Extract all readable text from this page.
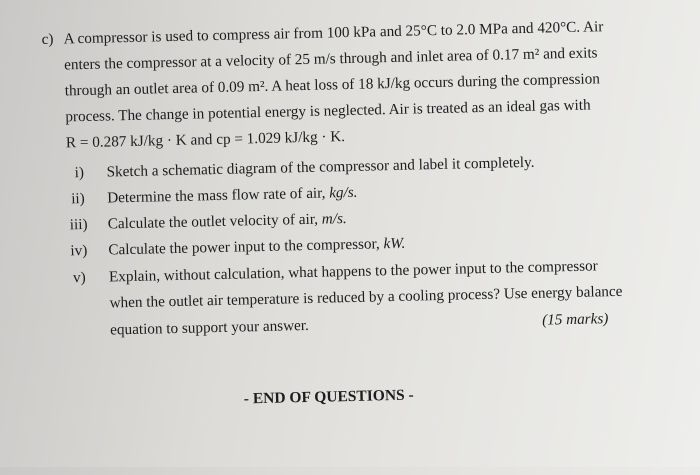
c) A compressor is used to compress air from 100 kPa and 25°C to 2.0 MPa and 420°C. Air
enters the compressor at a velocity of 25 m/s through and inlet area of 0.17 m² and exits
through an outlet area of 0.09 m². A heat loss of 18 kJ/kg occurs during the compression
process. The change in potential energy is neglected. Air is treated as an ideal gas with
R = 0.287 kJ/kg · K and cp = 1.029 kJ/kg · K.
i) Sketch a schematic diagram of the compressor and label it completely.
ii) Determine the mass flow rate of air, kg/s.
iii) Calculate the outlet velocity of air, m/s.
iv) Calculate the power input to the compressor, kW.
v) Explain, without calculation, what happens to the power input to the compressor
when the outlet air temperature is reduced by a cooling process? Use energy balance
equation to support your answer.	(15 marks)
- END OF QUESTIONS -
